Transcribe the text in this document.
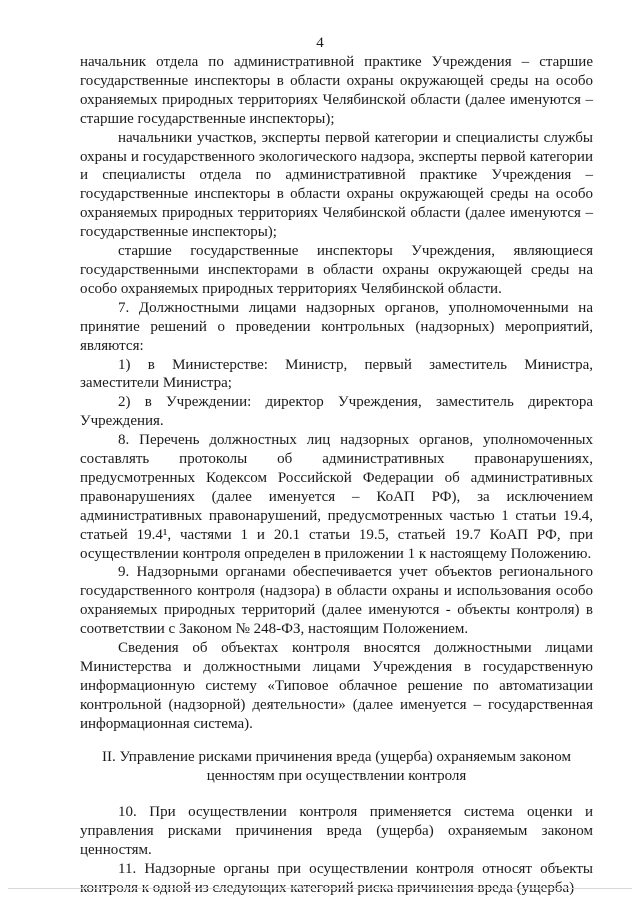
4

начальник отдела по административной практике Учреждения – старшие государственные инспекторы в области охраны окружающей среды на особо охраняемых природных территориях Челябинской области (далее именуются – старшие государственные инспекторы);

начальники участков, эксперты первой категории и специалисты службы охраны и государственного экологического надзора, эксперты первой категории и специалисты отдела по административной практике Учреждения – государственные инспекторы в области охраны окружающей среды на особо охраняемых природных территориях Челябинской области (далее именуются – государственные инспекторы);

старшие государственные инспекторы Учреждения, являющиеся государственными инспекторами в области охраны окружающей среды на особо охраняемых природных территориях Челябинской области.

7. Должностными лицами надзорных органов, уполномоченными на принятие решений о проведении контрольных (надзорных) мероприятий, являются:

1) в Министерстве: Министр, первый заместитель Министра, заместители Министра;

2) в Учреждении: директор Учреждения, заместитель директора Учреждения.

8. Перечень должностных лиц надзорных органов, уполномоченных составлять протоколы об административных правонарушениях, предусмотренных Кодексом Российской Федерации об административных правонарушениях (далее именуется – КоАП РФ), за исключением административных правонарушений, предусмотренных частью 1 статьи 19.4, статьей 19.4¹, частями 1 и 20.1 статьи 19.5, статьей 19.7 КоАП РФ, при осуществлении контроля определен в приложении 1 к настоящему Положению.

9. Надзорными органами обеспечивается учет объектов регионального государственного контроля (надзора) в области охраны и использования особо охраняемых природных территорий (далее именуются - объекты контроля) в соответствии с Законом № 248-ФЗ, настоящим Положением.

Сведения об объектах контроля вносятся должностными лицами Министерства и должностными лицами Учреждения в государственную информационную систему «Типовое облачное решение по автоматизации контрольной (надзорной) деятельности» (далее именуется – государственная информационная система).

II. Управление рисками причинения вреда (ущерба) охраняемым законом ценностям при осуществлении контроля

10. При осуществлении контроля применяется система оценки и управления рисками причинения вреда (ущерба) охраняемым законом ценностям.

11. Надзорные органы при осуществлении контроля относят объекты контроля к одной из следующих категорий риска причинения вреда (ущерба)
